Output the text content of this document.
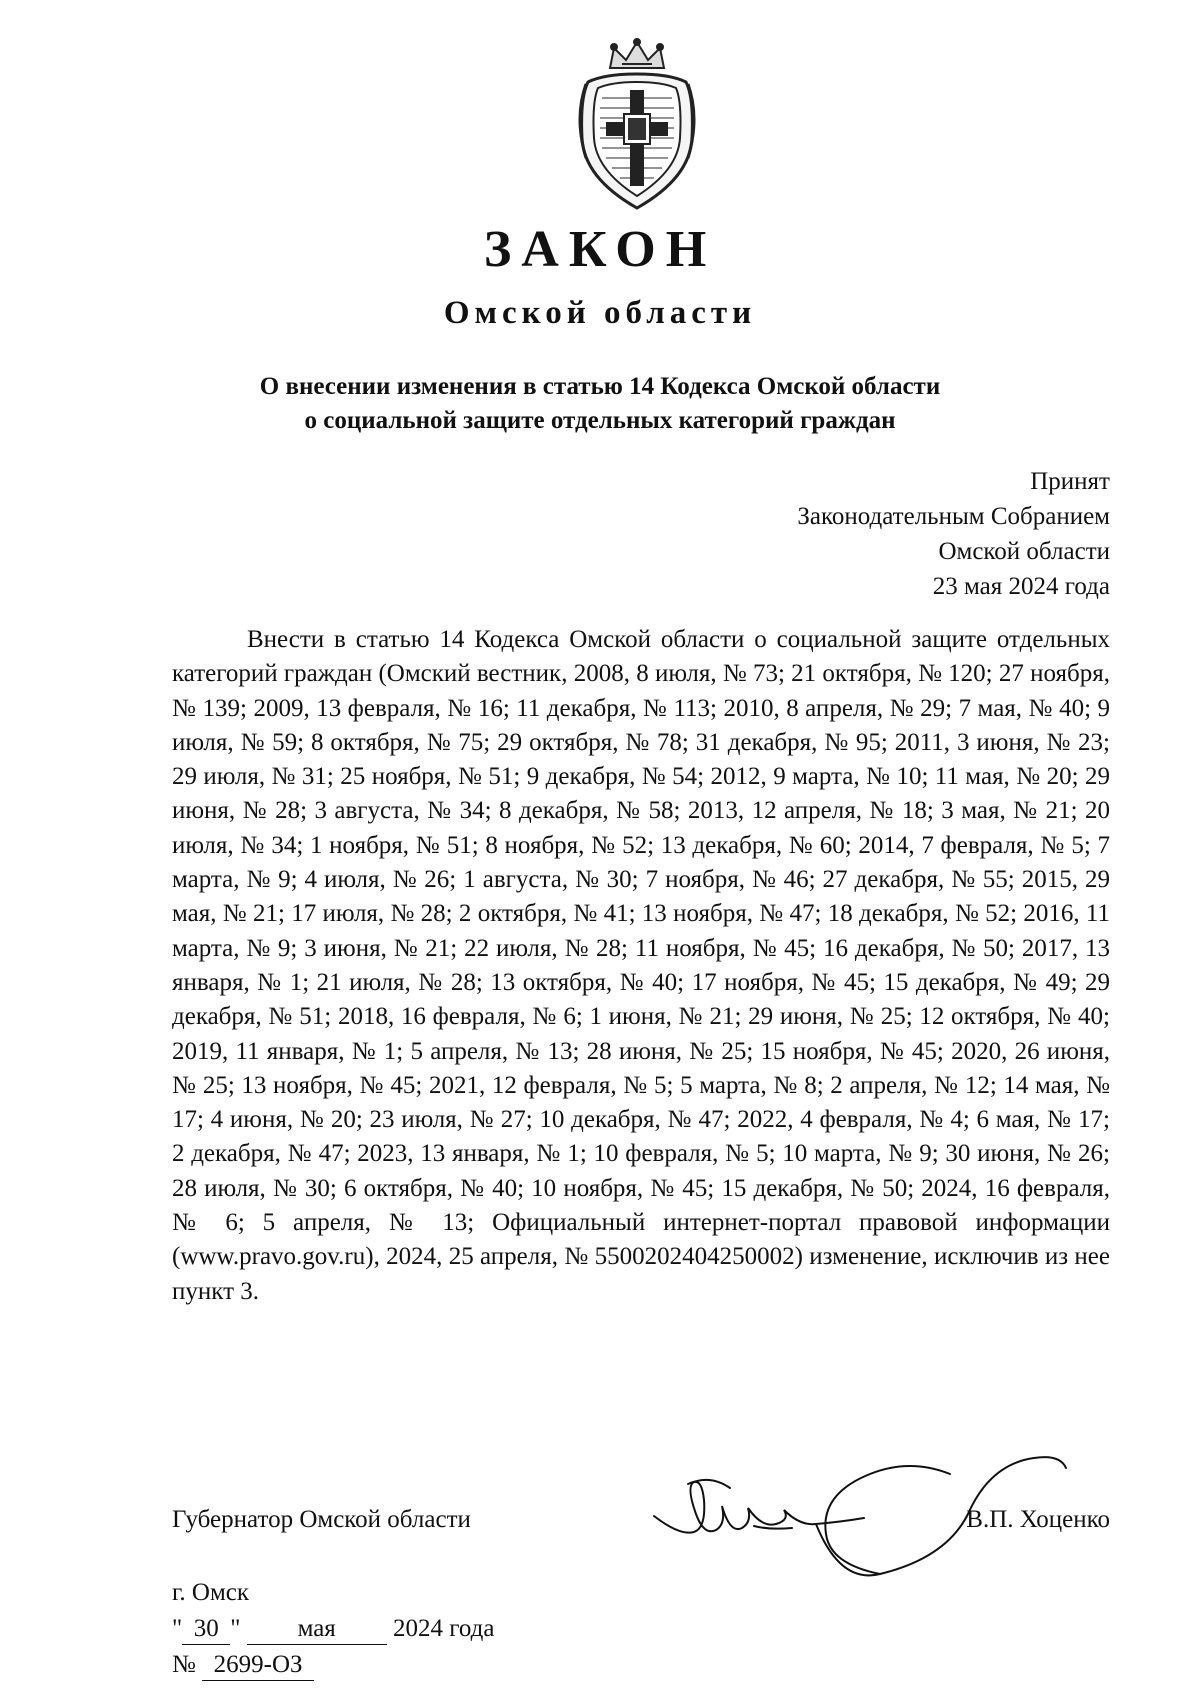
ЗАКОН
Омской области
О внесении изменения в статью 14 Кодекса Омской области
о социальной защите отдельных категорий граждан
Принят
Законодательным Собранием
Омской области
23 мая 2024 года
Внести в статью 14 Кодекса Омской области о социальной защите отдельных категорий граждан (Омский вестник, 2008, 8 июля, № 73; 21 октября, № 120; 27 ноября, № 139; 2009, 13 февраля, № 16; 11 декабря, № 113; 2010, 8 апреля, № 29; 7 мая, № 40; 9 июля, № 59; 8 октября, № 75; 29 октября, № 78; 31 декабря, № 95; 2011, 3 июня, № 23; 29 июля, № 31; 25 ноября, № 51; 9 декабря, № 54; 2012, 9 марта, № 10; 11 мая, № 20; 29 июня, № 28; 3 августа, № 34; 8 декабря, № 58; 2013, 12 апреля, № 18; 3 мая, № 21; 20 июля, № 34; 1 ноября, № 51; 8 ноября, № 52; 13 декабря, № 60; 2014, 7 февраля, № 5; 7 марта, № 9; 4 июля, № 26; 1 августа, № 30; 7 ноября, № 46; 27 декабря, № 55; 2015, 29 мая, № 21; 17 июля, № 28; 2 октября, № 41; 13 ноября, № 47; 18 декабря, № 52; 2016, 11 марта, № 9; 3 июня, № 21; 22 июля, № 28; 11 ноября, № 45; 16 декабря, № 50; 2017, 13 января, № 1; 21 июля, № 28; 13 октября, № 40; 17 ноября, № 45; 15 декабря, № 49; 29 декабря, № 51; 2018, 16 февраля, № 6; 1 июня, № 21; 29 июня, № 25; 12 октября, № 40; 2019, 11 января, № 1; 5 апреля, № 13; 28 июня, № 25; 15 ноября, № 45; 2020, 26 июня, № 25; 13 ноября, № 45; 2021, 12 февраля, № 5; 5 марта, № 8; 2 апреля, № 12; 14 мая, № 17; 4 июня, № 20; 23 июля, № 27; 10 декабря, № 47; 2022, 4 февраля, № 4; 6 мая, № 17; 2 декабря, № 47; 2023, 13 января, № 1; 10 февраля, № 5; 10 марта, № 9; 30 июня, № 26; 28 июля, № 30; 6 октября, № 40; 10 ноября, № 45; 15 декабря, № 50; 2024, 16 февраля, № 6; 5 апреля, № 13; Официальный интернет-портал правовой информации (www.pravo.gov.ru), 2024, 25 апреля, № 5500202404250002) изменение, исключив из нее пункт 3.
Губернатор Омской области	В.П. Хоценко
г. Омск
" 30 " мая 2024 года
№ 2699-ОЗ
